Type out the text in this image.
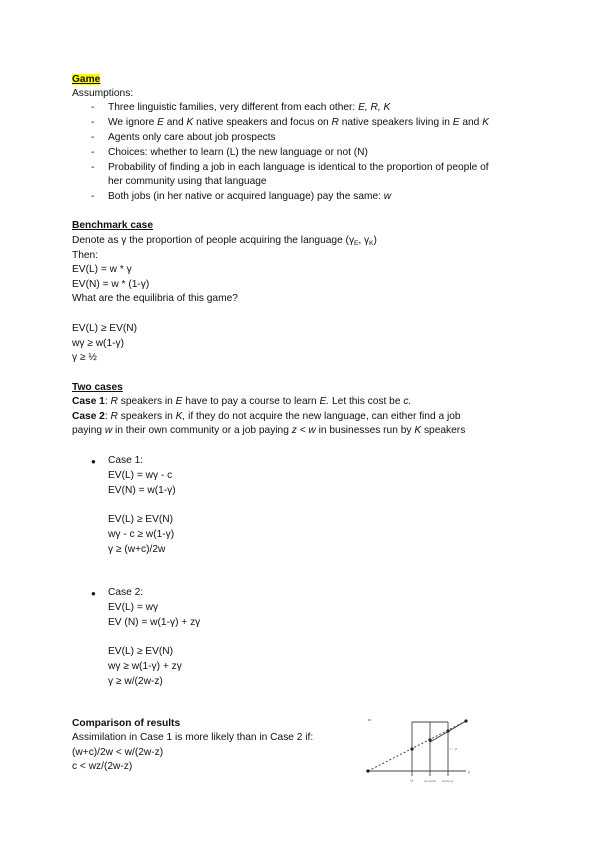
Game
Assumptions:
- Three linguistic families, very different from each other: E, R, K
- We ignore E and K native speakers and focus on R native speakers living in E and K
- Agents only care about job prospects
- Choices: whether to learn (L) the new language or not (N)
- Probability of finding a job in each language is identical to the proportion of people of
her community using that language
- Both jobs (in her native or acquired language) pay the same: w
Benchmark case
Denote as γ the proportion of people acquiring the language ($\gamma_E$, $\gamma_K$)
Then:
EV(L) = w * γ
EV(N) = w * (1-γ)
What are the equilibria of this game?
EV(L) ≥ EV(N)
wγ ≥ w(1-γ)
γ ≥ ½
Two cases
Case 1: R speakers in E have to pay a course to learn E. Let this cost be c.
Case 2: R speakers in K, if they do not acquire the new language, can either find a job
paying w in their own community or a job paying z < w in businesses run by K speakers
● Case 1:
EV(L) = wγ - c
EV(N) = w(1-γ)
EV(L) ≥ EV(N)
wγ - c ≥ w(1-γ)
γ ≥ (w+c)/2w
● Case 2:
EV(L) = wγ
EV (N) = w(1-γ) + zγ
EV(L) ≥ EV(N)
wγ ≥ w(1-γ) + zγ
γ ≥ w/(2w-z)
Comparison of results
Assimilation in Case 1 is more likely than in Case 2 if:
(w+c)/2w < w/(2w-z)
c < wz/(2w-z)
z
½	(w+c)/2w w/(2w-z)
γ
